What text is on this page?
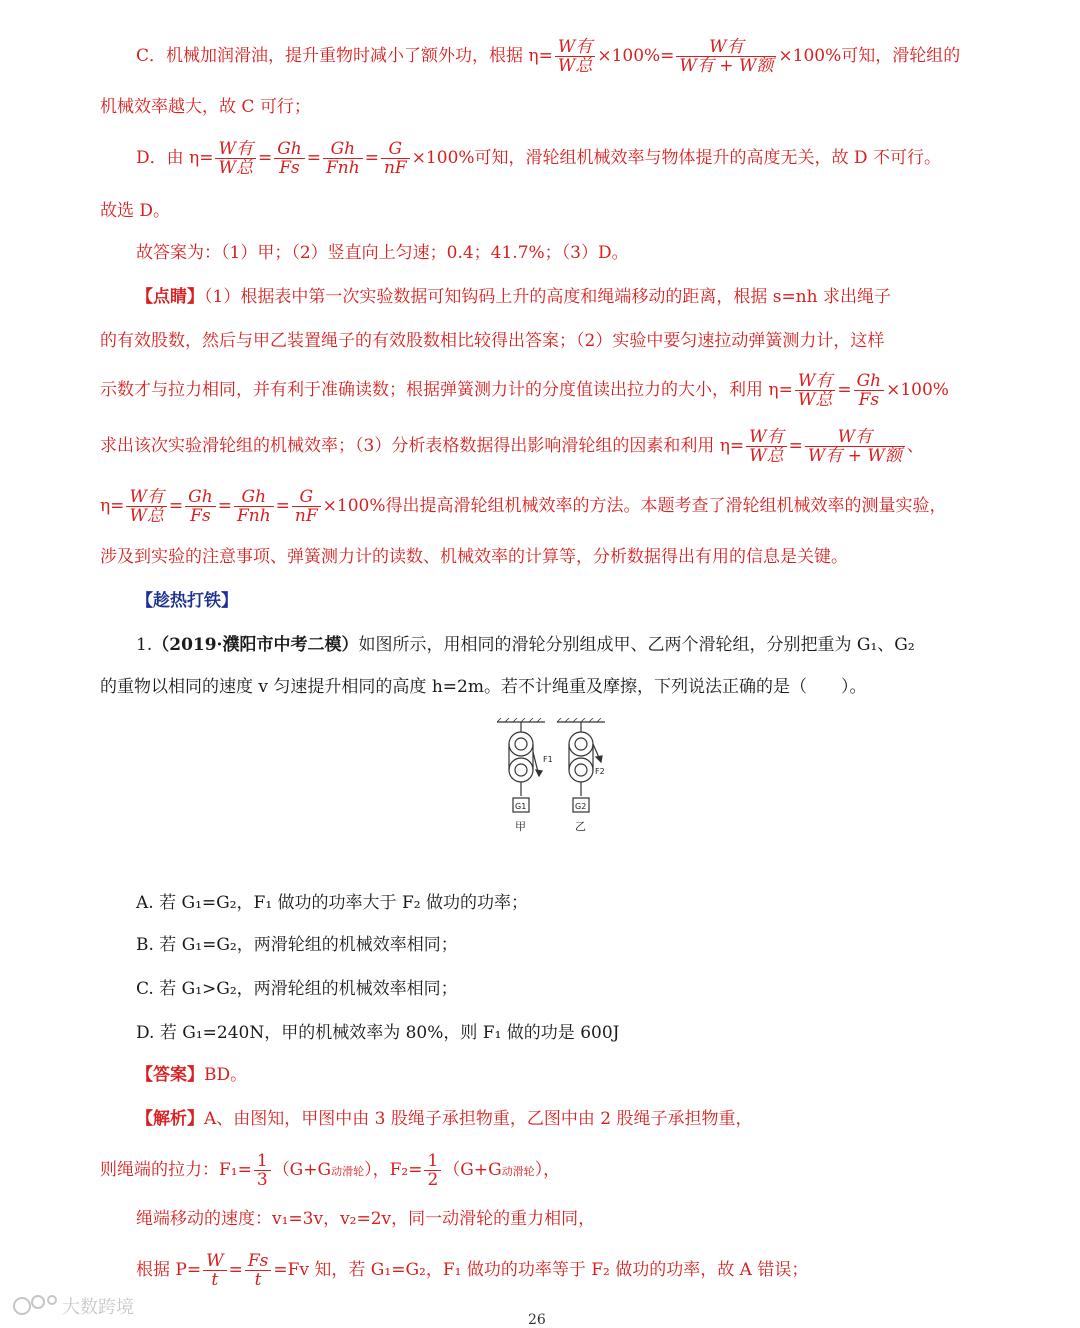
C．机械加润滑油，提升重物时减小了额外功，根据 $\eta= \frac{\text{W有}}{\text{W总}} \times 100\%= \frac{\text{W有}}{\text{W有 + W额}} \times 100\%$可知，滑轮组的
机械效率越大，故 C 可行；
D．由 $\eta= \frac{\text{W有}}{\text{W总}} = \frac{Gh}{Fs} = \frac{Gh}{\text{Fnh}} = \frac{G}{nF} \times 100\%$可知，滑轮组机械效率与物体提升的高度无关，故 D 不可行。
故选 D。
故答案为：（1）甲；（2）竖直向上匀速；0.4；41.7%；（3）D。
【点睛】（1）根据表中第一次实验数据可知钩码上升的高度和绳端移动的距离，根据 s=nh 求出绳子
的有效股数，然后与甲乙装置绳子的有效股数相比较得出答案；（2）实验中要匀速拉动弹簧测力计，这样
示数才与拉力相同，并有利于准确读数；根据弹簧测力计的分度值读出拉力的大小，利用 $\eta= \frac{\text{W有}}{\text{W总}} = \frac{Gh}{Fs} \times 100\%$
求出该次实验滑轮组的机械效率；（3）分析表格数据得出影响滑轮组的因素和利用 $\eta= \frac{\text{W有}}{\text{W总}} = \frac{\text{W有}}{\text{W有 + W额}}$ 、
$\eta= \frac{\text{W有}}{\text{W总}} = \frac{Gh}{Fs} = \frac{Gh}{\text{Fnh}} = \frac{G}{nF} \times 100\%$得出提高滑轮组机械效率的方法。本题考查了滑轮组机械效率的测量实验，
涉及到实验的注意事项、弹簧测力计的读数、机械效率的计算等，分析数据得出有用的信息是关键。
【趁热打铁】
1.（2019·濮阳市中考二模）如图所示，用相同的滑轮分别组成甲、乙两个滑轮组，分别把重为 G₁、G₂
的重物以相同的速度 v 匀速提升相同的高度 h=2m。若不计绳重及摩擦，下列说法正确的是（　　）。
F1
F2
G1	G2
甲	乙
A. 若 G₁=G₂，F₁ 做功的功率大于 F₂ 做功的功率；
B. 若 G₁=G₂，两滑轮组的机械效率相同；
C. 若 G₁>G₂，两滑轮组的机械效率相同；
D. 若 G₁=240N，甲的机械效率为 80%，则 F₁ 做的功是 600J
【答案】BD。
【解析】A、由图知，甲图中由 3 股绳子承担物重，乙图中由 2 股绳子承担物重，
则绳端的拉力：$F_1= \frac{1}{3} (G+G$动滑轮），$F_2= \frac{1}{2} (G+G$动滑轮），
绳端移动的速度：v₁=3v，v₂=2v，同一动滑轮的重力相同，
根据 $P= \frac{W}{t} = \frac{Fs}{t} =Fv$ 知，若 G₁=G₂，F₁ 做功的功率等于 F₂ 做功的功率，故 A 错误；
大数跨境
26
